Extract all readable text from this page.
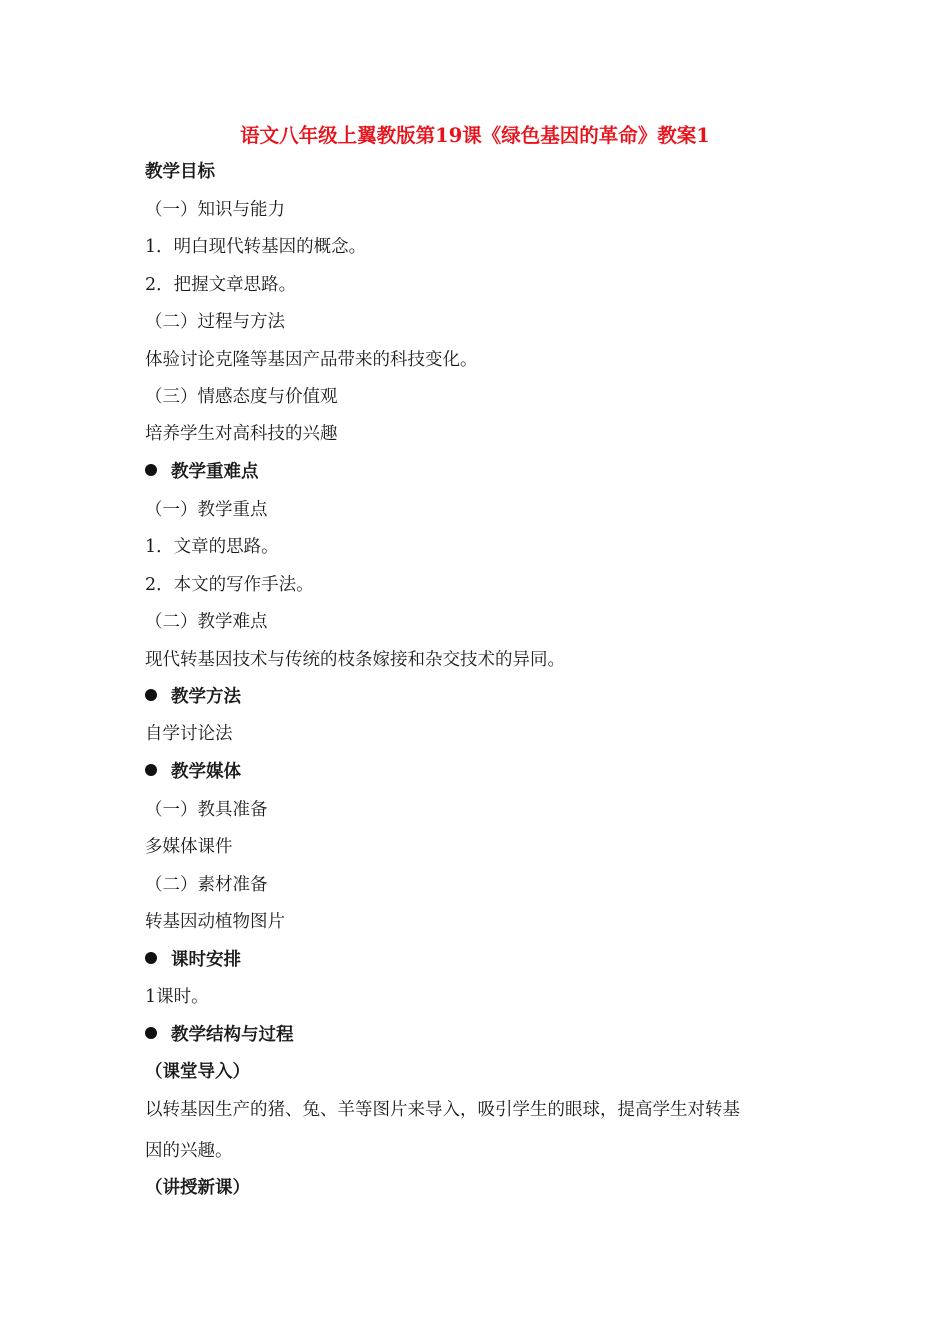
语文八年级上翼教版第19课《绿色基因的革命》教案1
教学目标
（一）知识与能力
1．明白现代转基因的概念。
2．把握文章思路。
（二）过程与方法
体验讨论克隆等基因产品带来的科技变化。
（三）情感态度与价值观
培养学生对高科技的兴趣
教学重难点
（一）教学重点
1．文章的思路。
2．本文的写作手法。
（二）教学难点
现代转基因技术与传统的枝条嫁接和杂交技术的异同。
教学方法
自学讨论法
教学媒体
（一）教具准备
多媒体课件
（二）素材准备
转基因动植物图片
课时安排
1课时。
教学结构与过程
（课堂导入）
以转基因生产的猪、兔、羊等图片来导入，吸引学生的眼球，提高学生对转基
因的兴趣。
（讲授新课）
